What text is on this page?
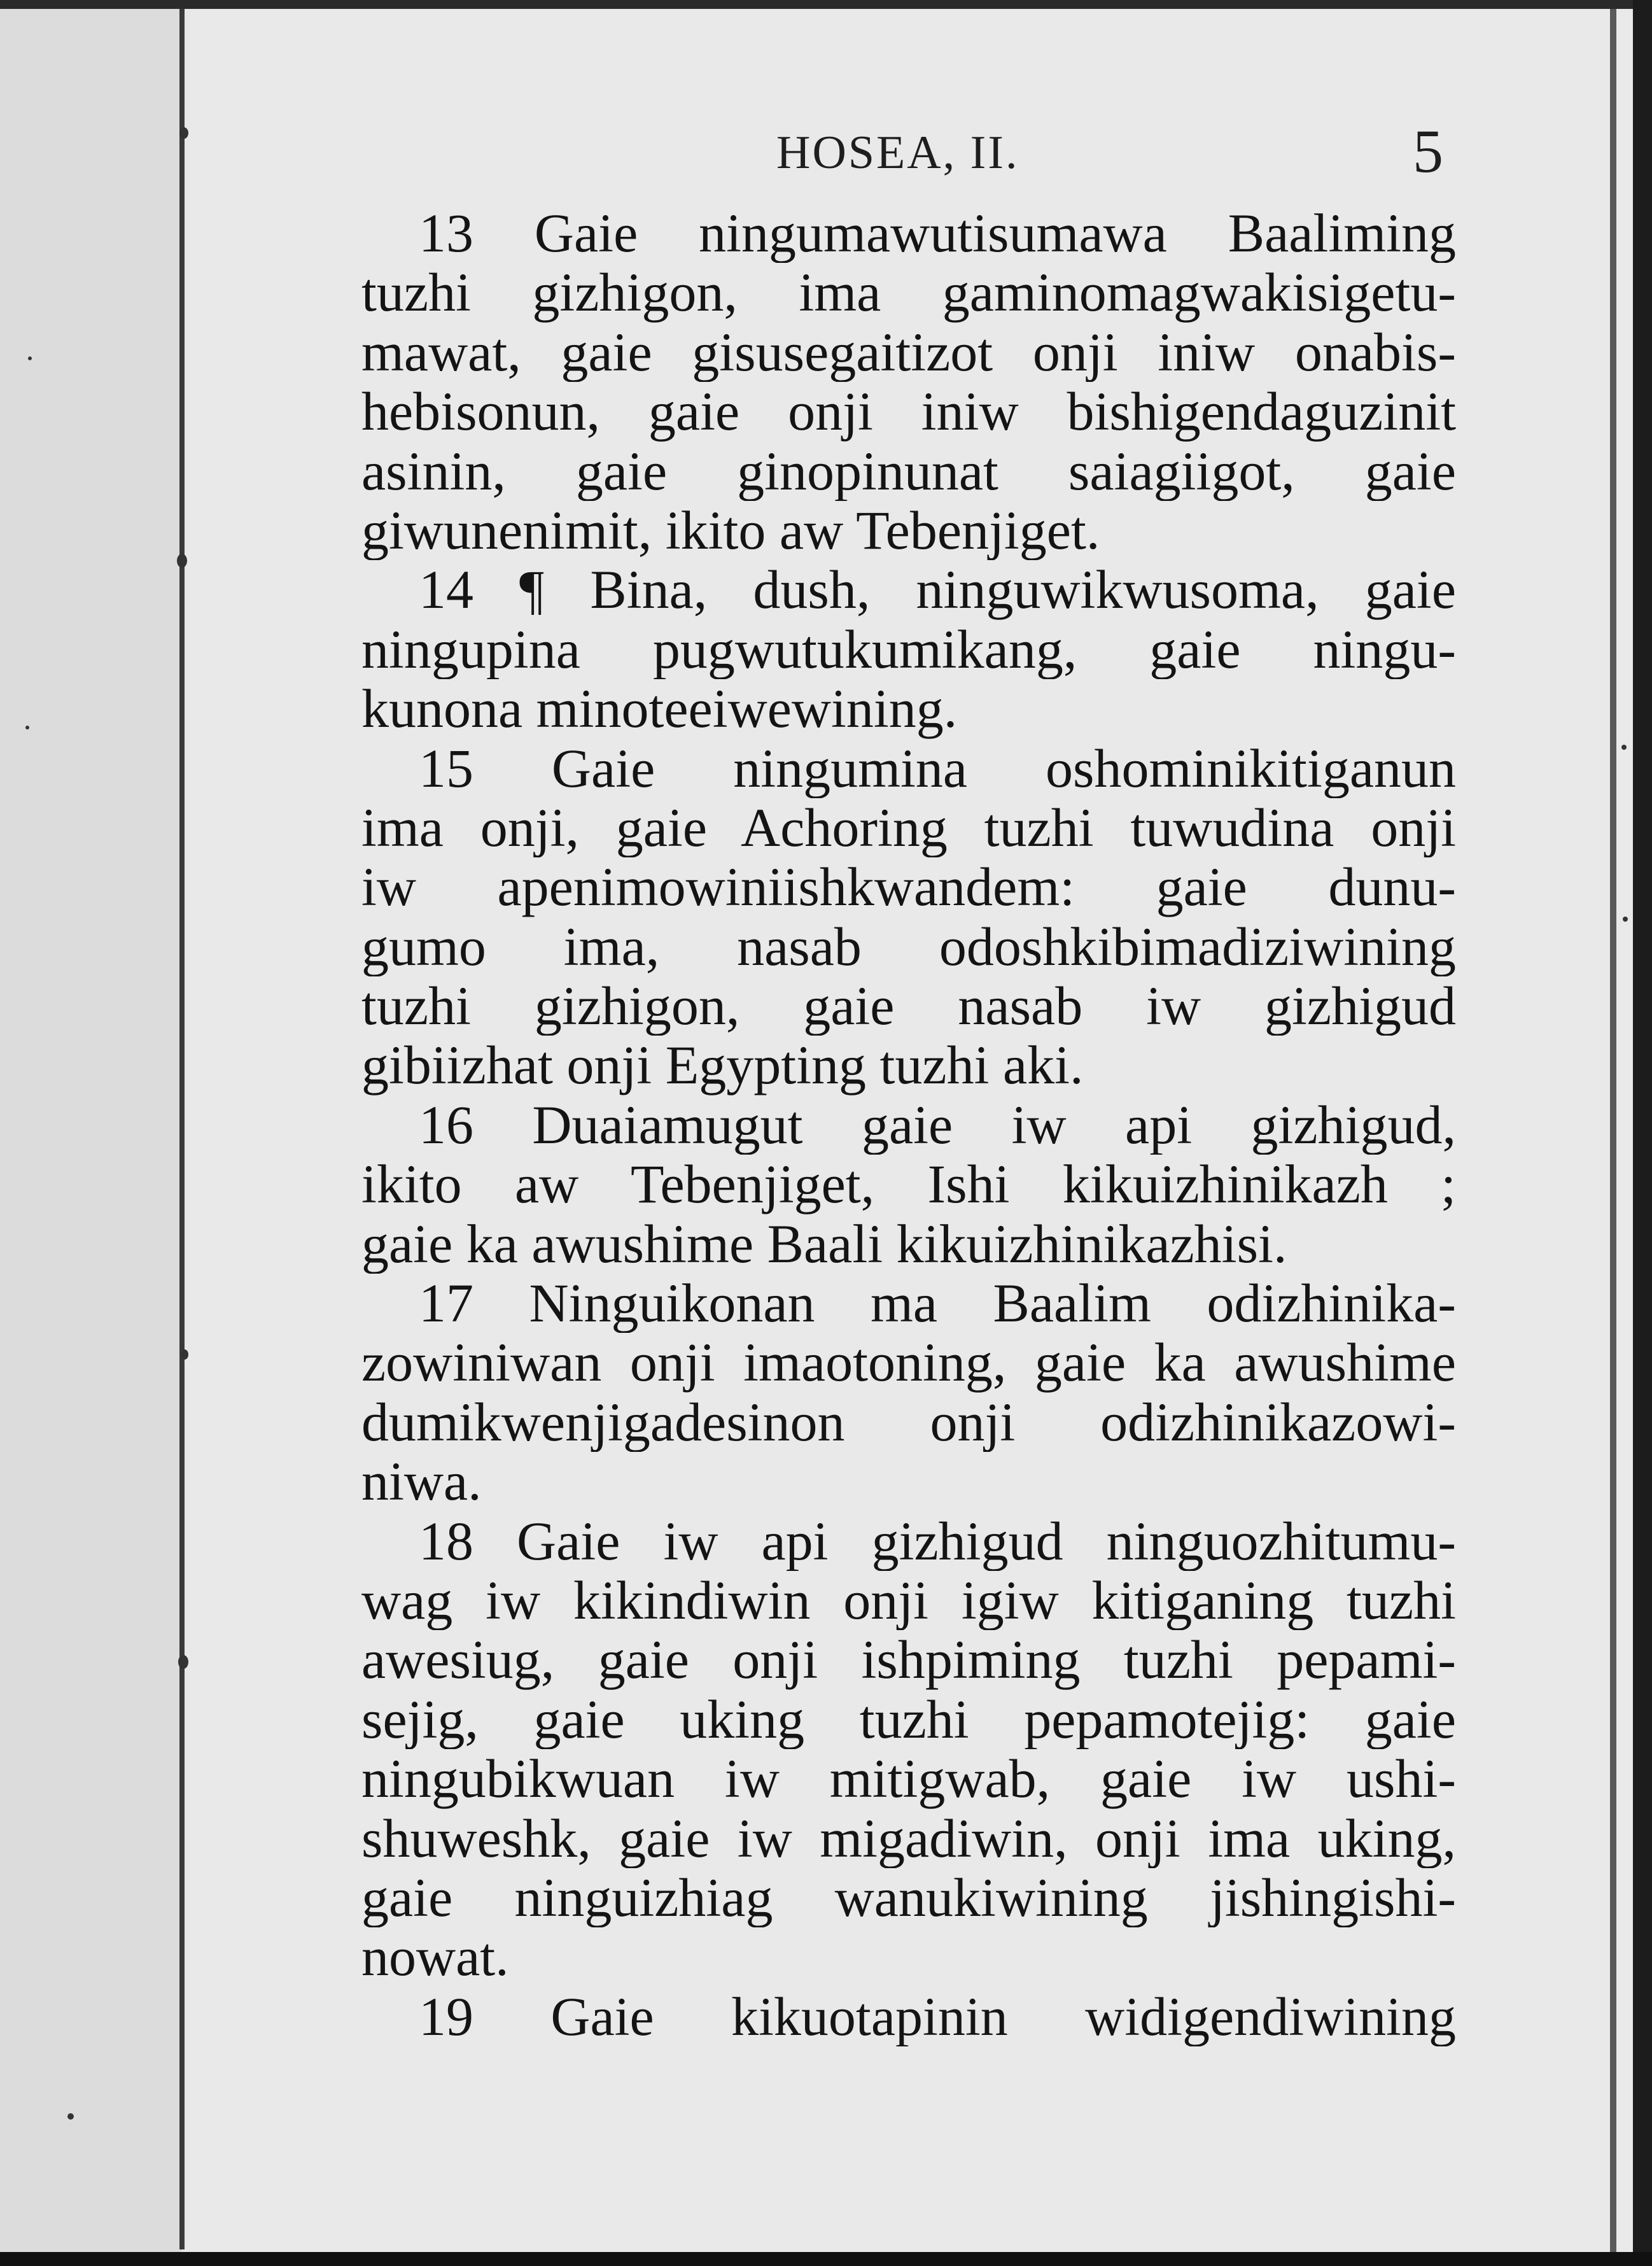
HOSEA, II.	5
13 Gaie ningumawutisumawa Baaliming
tuzhi gizhigon, ima gaminomagwakisigetu-
mawat, gaie gisusegaitizot onji iniw onabis-
hebisonun, gaie onji iniw bishigendaguzinit
asinin, gaie ginopinunat saiagiigot, gaie
giwunenimit, ikito aw Tebenjiget.
14 ¶ Bina, dush, ninguwikwusoma, gaie
ningupina pugwutukumikang, gaie ningu-
kunona minoteeiwewining.
15 Gaie ningumina oshominikitiganun
ima onji, gaie Achoring tuzhi tuwudina onji
iw apenimowiniishkwandem: gaie dunu-
gumo ima, nasab odoshkibimadiziwining
tuzhi gizhigon, gaie nasab iw gizhigud
gibiizhat onji Egypting tuzhi aki.
16 Duaiamugut gaie iw api gizhigud,
ikito aw Tebenjiget, Ishi kikuizhinikazh ;
gaie ka awushime Baali kikuizhinikazhisi.
17 Ninguikonan ma Baalim odizhinika-
zowiniwan onji imaotoning, gaie ka awushime
dumikwenjigadesinon onji odizhinikazowi-
niwa.
18 Gaie iw api gizhigud ninguozhitumu-
wag iw kikindiwin onji igiw kitiganing tuzhi
awesiug, gaie onji ishpiming tuzhi pepami-
sejig, gaie uking tuzhi pepamotejig: gaie
ningubikwuan iw mitigwab, gaie iw ushi-
shuweshk, gaie iw migadiwin, onji ima uking,
gaie ninguizhiag wanukiwining jishingishi-
nowat.
19 Gaie kikuotapinin widigendiwining
